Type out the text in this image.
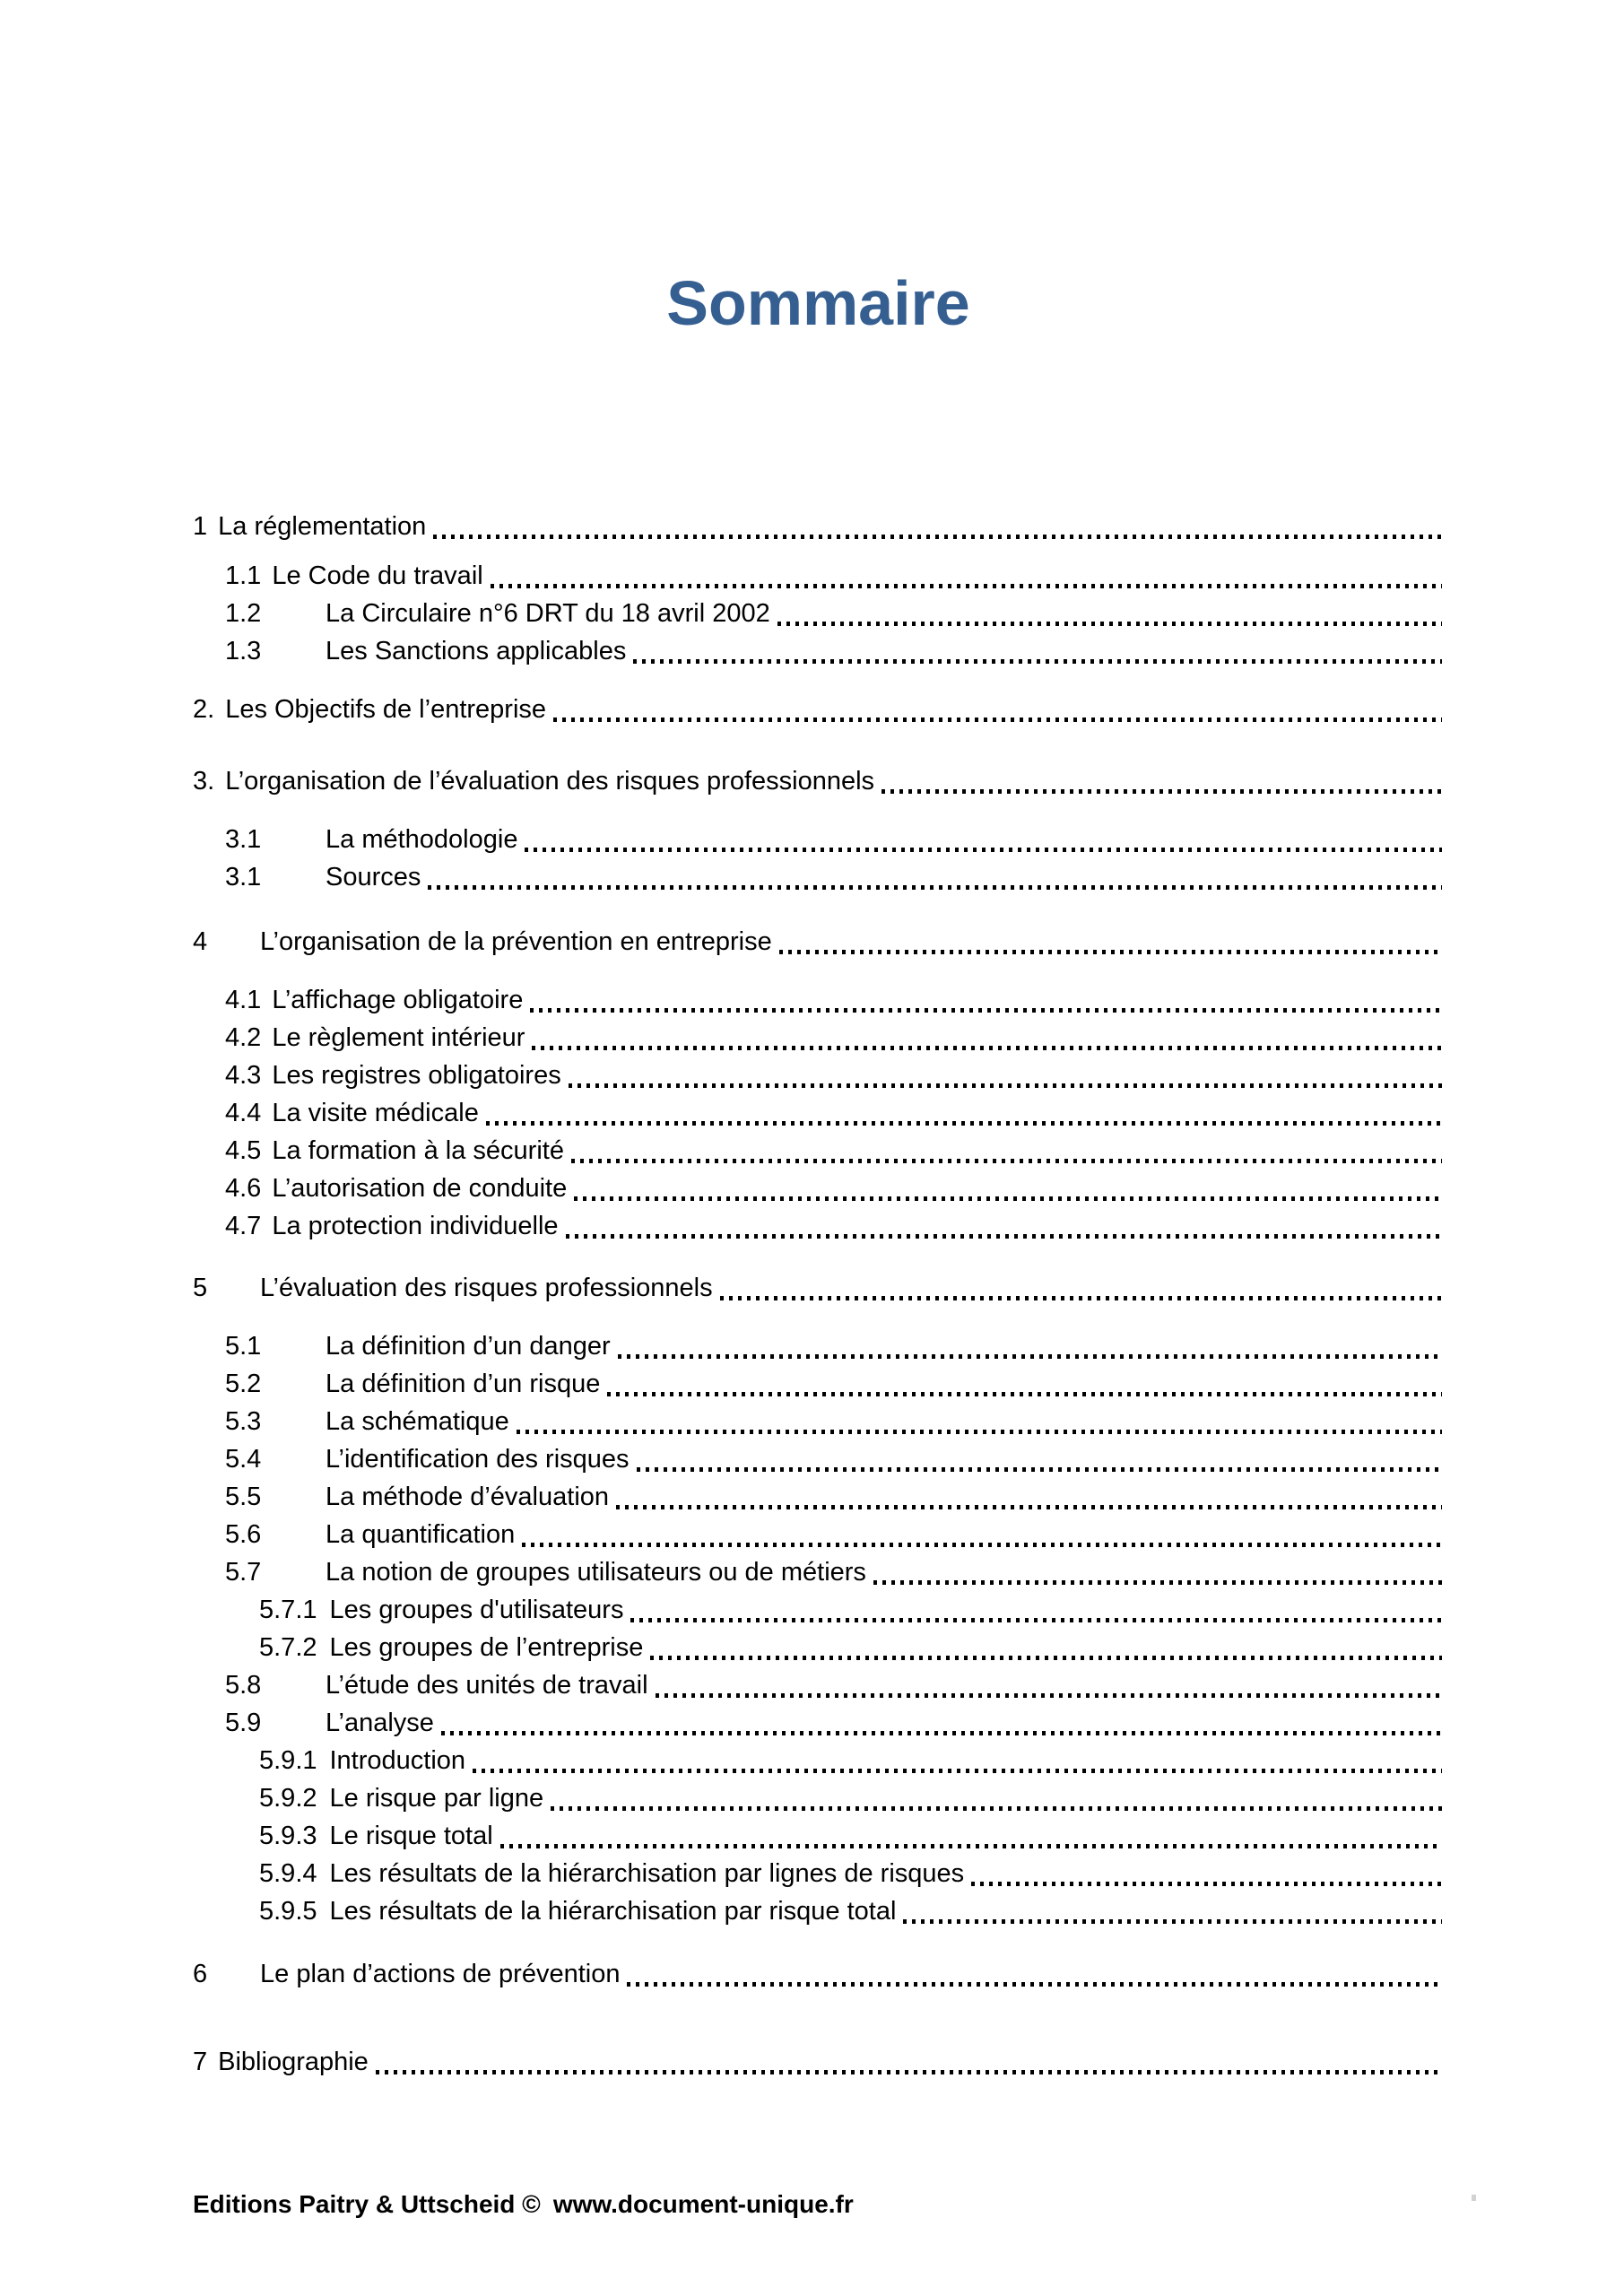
Sommaire
1 La réglementation
1.1 Le Code du travail
1.2	La Circulaire n°6 DRT du 18 avril 2002
1.3	Les Sanctions applicables
2. Les Objectifs de l’entreprise
3. L’organisation de l’évaluation des risques professionnels
3.1	La méthodologie
3.1	Sources
4	L’organisation de la prévention en entreprise
4.1 L’affichage obligatoire
4.2 Le règlement intérieur
4.3 Les registres obligatoires
4.4 La visite médicale
4.5 La formation à la sécurité
4.6 L’autorisation de conduite
4.7 La protection individuelle
5	L’évaluation des risques professionnels
5.1	La définition d’un danger
5.2	La définition d’un risque
5.3	La schématique
5.4	L’identification des risques
5.5	La méthode d’évaluation
5.6	La quantification
5.7	La notion de groupes utilisateurs ou de métiers
5.7.1 Les groupes d'utilisateurs
5.7.2 Les groupes de l’entreprise
5.8	L’étude des unités de travail
5.9	L’analyse
5.9.1 Introduction
5.9.2 Le risque par ligne
5.9.3 Le risque total
5.9.4 Les résultats de la hiérarchisation par lignes de risques
5.9.5 Les résultats de la hiérarchisation par risque total
6	Le plan d’actions de prévention
7 Bibliographie
Editions Paitry & Uttscheid © www.document-unique.fr
